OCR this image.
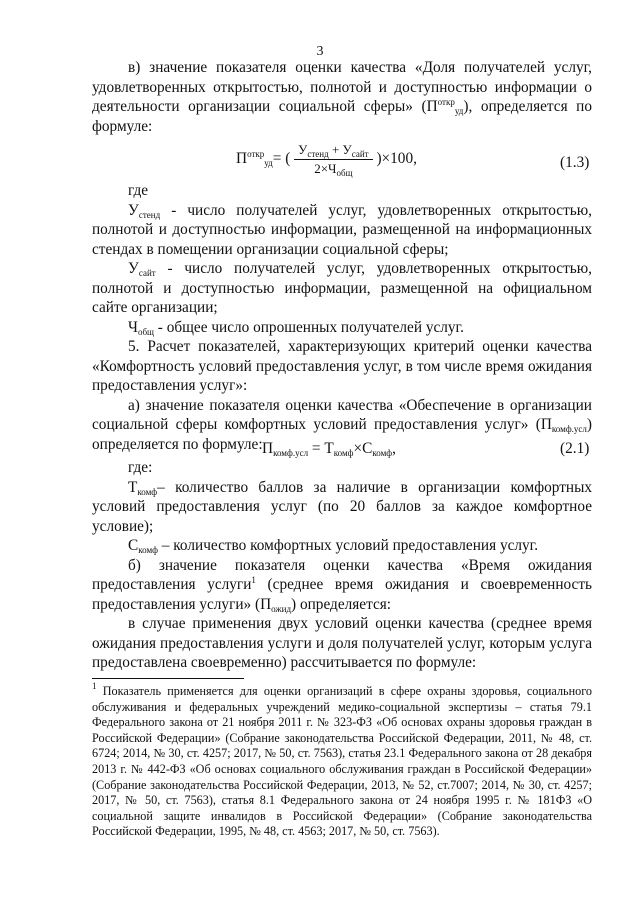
3
в) значение показателя оценки качества «Доля получателей услуг,
удовлетворенных открытостью, полнотой и доступностью информации о
деятельности организации социальной сферы» $(П^{откр}_{уд})$, определяется по
формуле:
$П^{откр}_{уд}=$ ( $\frac{У_{стенд} + У_{сайт}}{2\times Ч_{общ}} )\times 100$,	(1.3)

где

$У_{стенд}$ - число получателей услуг, удовлетворенных открытостью, полнотой и доступностью информации, размещенной на информационных стендах в помещении организации социальной сферы;

$У_{сайт}$ - число получателей услуг, удовлетворенных открытостью, полнотой и доступностью информации, размещенной на официальном сайте организации;

$Ч_{общ}$ - общее число опрошенных получателей услуг.

5. Расчет показателей, характеризующих критерий оценки качества «Комфортность условий предоставления услуг, в том числе время ожидания предоставления услуг»:

а) значение показателя оценки качества «Обеспечение в организации социальной сферы комфортных условий предоставления услуг» $(П_{комф.усл})$ определяется по формуле: $П_{комф.усл} = Т_{комф}\times С_{комф}$,	(2.1)

где:

$Т_{комф}-$ количество баллов за наличие в организации комфортных условий предоставления услуг (по 20 баллов за каждое комфортное условие);

$С_{комф}$ – количество комфортных условий предоставления услуг.

б) значение показателя оценки качества «Время ожидания
предоставления услуги$^1$ (среднее время ожидания и своевременность
предоставления услуги» $(П_{ожид})$ определяется:

в случае применения двух условий оценки качества (среднее время ожидания предоставления услуги и доля получателей услуг, которым услуга предоставлена своевременно) рассчитывается по формуле:

$^1$ Показатель применяется для оценки организаций в сфере охраны здоровья, социального обслуживания и федеральных учреждений медико-социальной экспертизы – статья 79.1 Федерального закона от 21 ноября 2011 г. № 323-ФЗ «Об основах охраны здоровья граждан в Российской Федерации» (Собрание законодательства Российской Федерации, 2011, № 48, ст. 6724; 2014, № 30, ст. 4257; 2017, № 50, ст. 7563), статья 23.1 Федерального закона от 28 декабря 2013 г. № 442-ФЗ «Об основах социального обслуживания граждан в Российской Федерации» (Собрание законодательства Российской Федерации, 2013, № 52, ст.7007; 2014, № 30, ст. 4257; 2017, № 50, ст. 7563), статья 8.1 Федерального закона от 24 ноября 1995 г. № 181ФЗ «О социальной защите инвалидов в Российской Федерации» (Собрание законодательства Российской Федерации, 1995, № 48, ст. 4563; 2017, № 50, ст. 7563).
